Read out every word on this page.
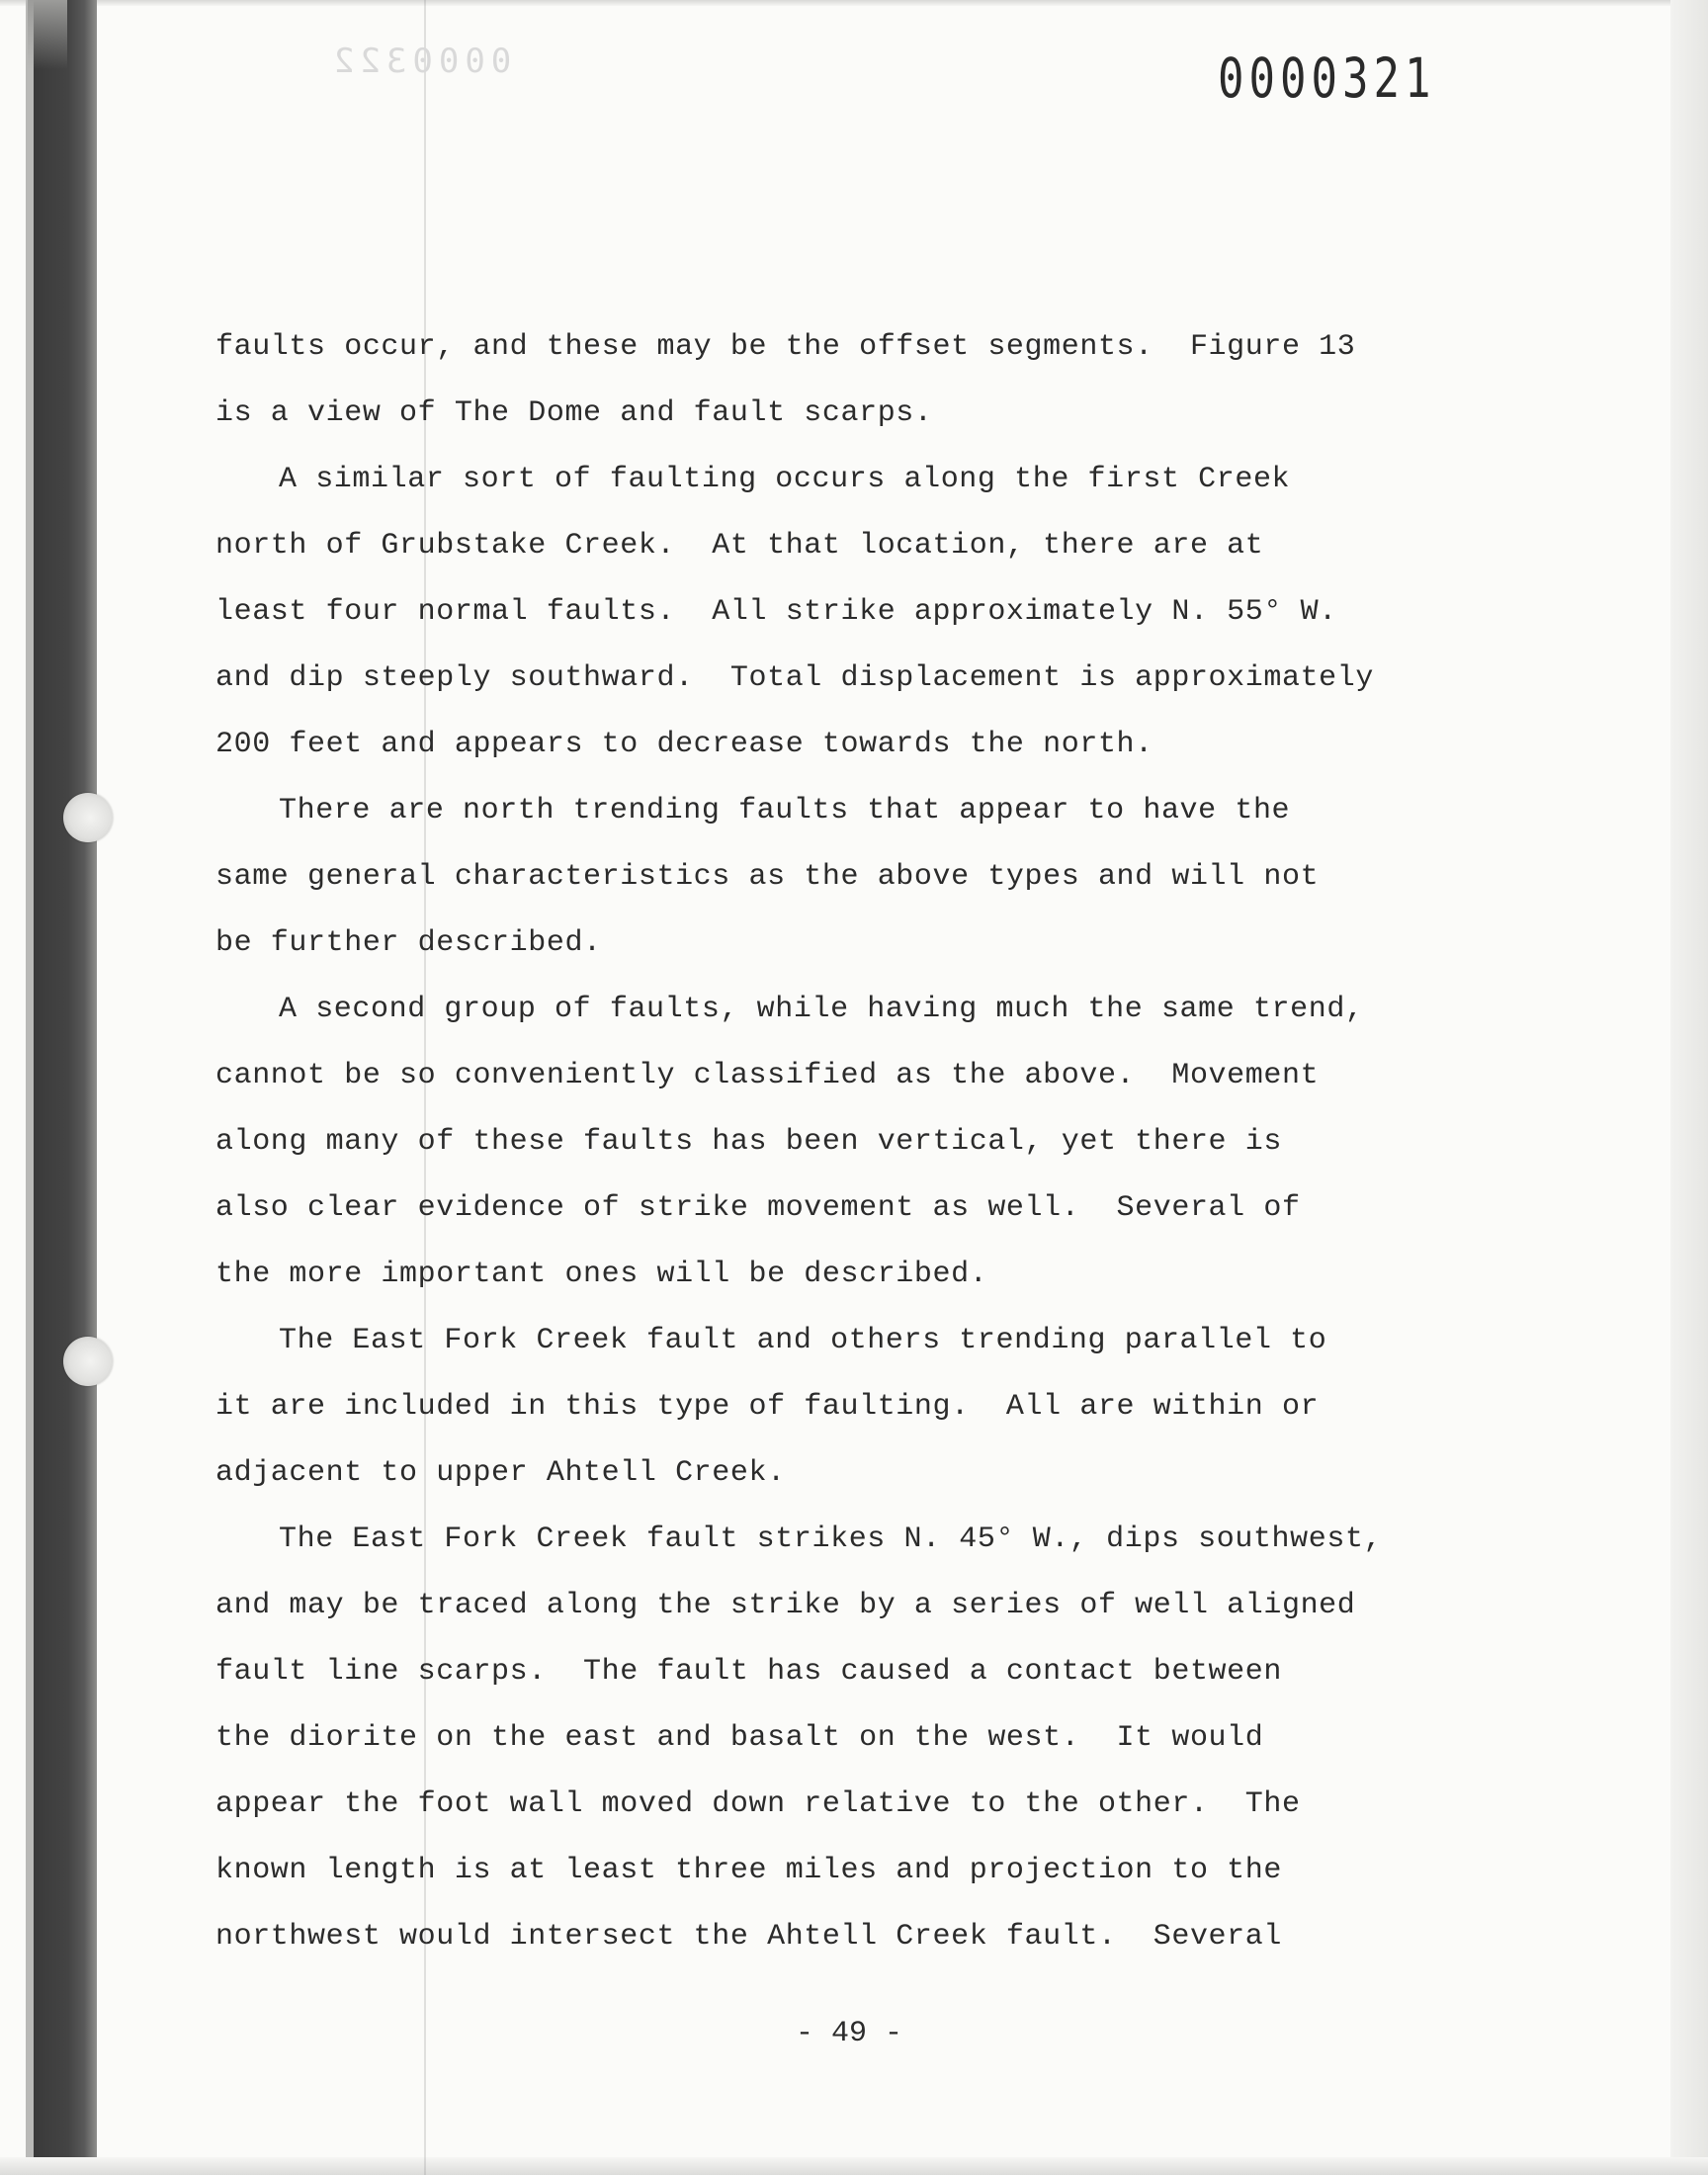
0000322	0000321
faults occur, and these may be the offset segments.  Figure 13
is a view of The Dome and fault scarps.
A similar sort of faulting occurs along the first Creek
north of Grubstake Creek.  At that location, there are at
least four normal faults.  All strike approximately N. 55° W.
and dip steeply southward.  Total displacement is approximately
200 feet and appears to decrease towards the north.
There are north trending faults that appear to have the
same general characteristics as the above types and will not
be further described.
A second group of faults, while having much the same trend,
cannot be so conveniently classified as the above.  Movement
along many of these faults has been vertical, yet there is
also clear evidence of strike movement as well.  Several of
the more important ones will be described.
The East Fork Creek fault and others trending parallel to
it are included in this type of faulting.  All are within or
adjacent to upper Ahtell Creek.
The East Fork Creek fault strikes N. 45° W., dips southwest,
and may be traced along the strike by a series of well aligned
fault line scarps.  The fault has caused a contact between
the diorite on the east and basalt on the west.  It would
appear the foot wall moved down relative to the other.  The
known length is at least three miles and projection to the
northwest would intersect the Ahtell Creek fault.  Several
- 49 -
